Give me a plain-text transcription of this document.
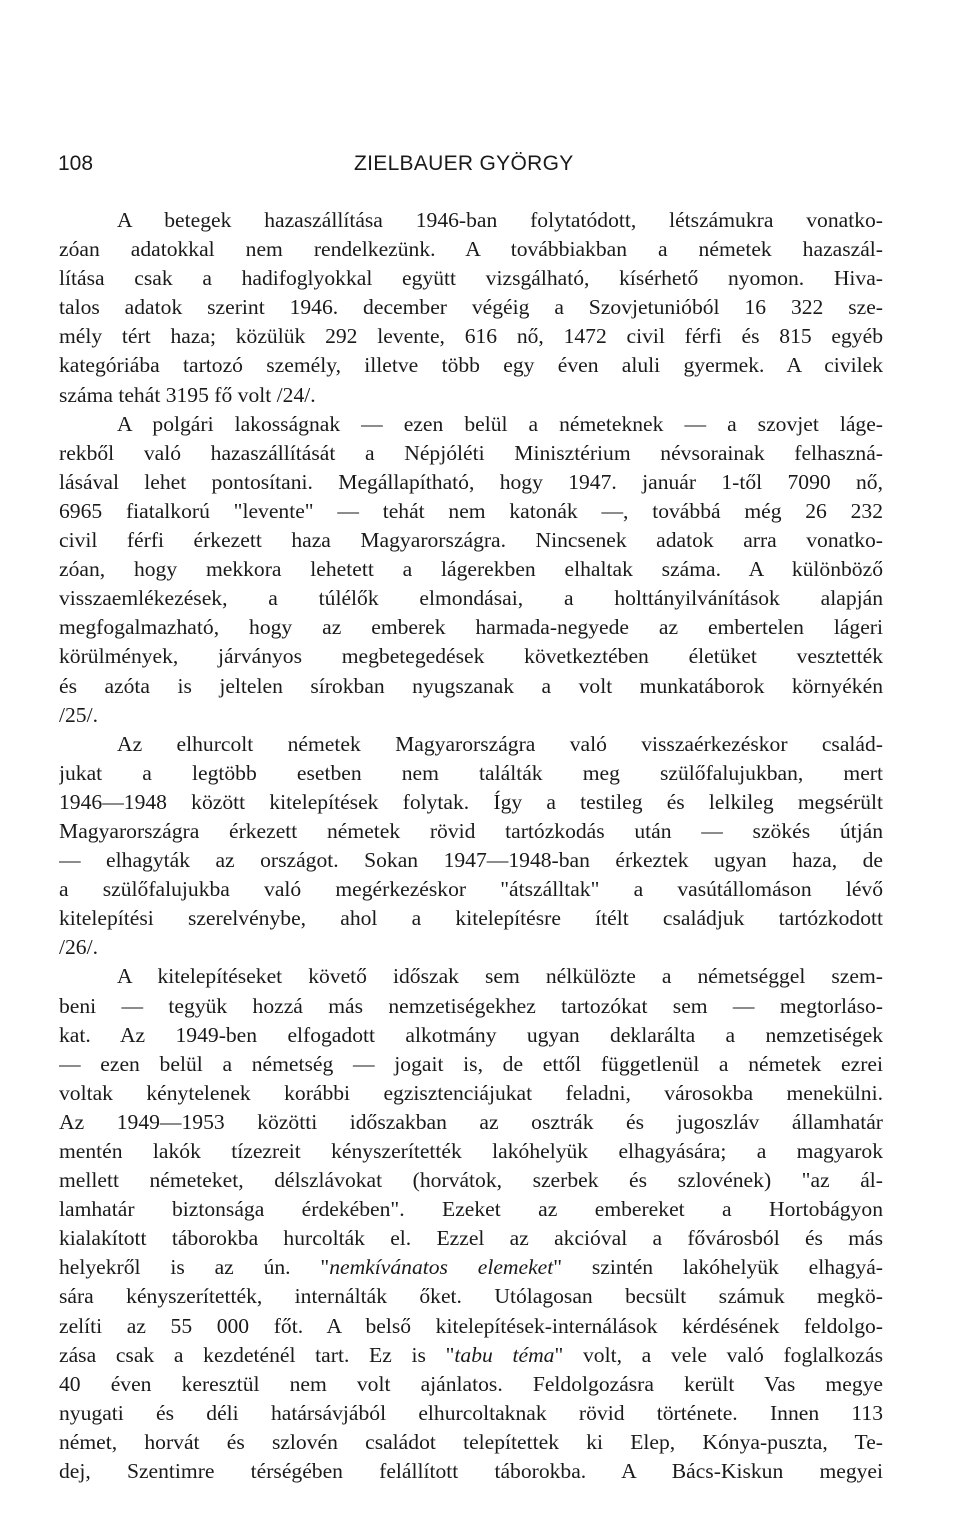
108	ZIELBAUER GYÖRGY
A betegek hazaszállítása 1946-ban folytatódott, létszámukra vonatko-
zóan adatokkal nem rendelkezünk. A továbbiakban a németek hazaszál-
lítása csak a hadifoglyokkal együtt vizsgálható, kísérhető nyomon. Hiva-
talos adatok szerint 1946. december végéig a Szovjetunióból 16 322 sze-
mély tért haza; közülük 292 levente, 616 nő, 1472 civil férfi és 815 egyéb
kategóriába tartozó személy, illetve több egy éven aluli gyermek. A civilek
száma tehát 3195 fő volt /24/.
A polgári lakosságnak — ezen belül a németeknek — a szovjet láge-
rekből való hazaszállítását a Népjóléti Minisztérium névsorainak felhaszná-
lásával lehet pontosítani. Megállapítható, hogy 1947. január 1-től 7090 nő,
6965 fiatalkorú "levente" — tehát nem katonák —, továbbá még 26 232
civil férfi érkezett haza Magyarországra. Nincsenek adatok arra vonatko-
zóan, hogy mekkora lehetett a lágerekben elhaltak száma. A különböző
visszaemlékezések, a túlélők elmondásai, a holttányilvánítások alapján
megfogalmazható, hogy az emberek harmada-negyede az embertelen lágeri
körülmények, járványos megbetegedések következtében életüket vesztették
és azóta is jeltelen sírokban nyugszanak a volt munkatáborok környékén
/25/.
Az elhurcolt németek Magyarországra való visszaérkezéskor család-
jukat a legtöbb esetben nem találták meg szülőfalujukban, mert
1946—1948 között kitelepítések folytak. Így a testileg és lelkileg megsérült
Magyarországra érkezett németek rövid tartózkodás után — szökés útján
— elhagyták az országot. Sokan 1947—1948-ban érkeztek ugyan haza, de
a szülőfalujukba való megérkezéskor "átszálltak" a vasútállomáson lévő
kitelepítési szerelvénybe, ahol a kitelepítésre ítélt családjuk tartózkodott
/26/.
A kitelepítéseket követő időszak sem nélkülözte a németséggel szem-
beni — tegyük hozzá más nemzetiségekhez tartozókat sem — megtorláso-
kat. Az 1949-ben elfogadott alkotmány ugyan deklarálta a nemzetiségek
— ezen belül a németség — jogait is, de ettől függetlenül a németek ezrei
voltak kénytelenek korábbi egzisztenciájukat feladni, városokba menekülni.
Az 1949—1953 közötti időszakban az osztrák és jugoszláv államhatár
mentén lakók tízezreit kényszerítették lakóhelyük elhagyására; a magyarok
mellett németeket, délszlávokat (horvátok, szerbek és szlovének) "az ál-
lamhatár biztonsága érdekében". Ezeket az embereket a Hortobágyon
kialakított táborokba hurcolták el. Ezzel az akcióval a fővárosból és más
helyekről is az ún. "nemkívánatos elemeket" szintén lakóhelyük elhagyá-
sára kényszerítették, internálták őket. Utólagosan becsült számuk megkö-
zelíti az 55 000 főt. A belső kitelepítések-internálások kérdésének feldolgo-
zása csak a kezdeténél tart. Ez is "tabu téma" volt, a vele való foglalkozás
40 éven keresztül nem volt ajánlatos. Feldolgozásra került Vas megye
nyugati és déli határsávjából elhurcoltaknak rövid története. Innen 113
német, horvát és szlovén családot telepítettek ki Elep, Kónya-puszta, Te-
dej, Szentimre térségében felállított táborokba. A Bács-Kiskun megyei
